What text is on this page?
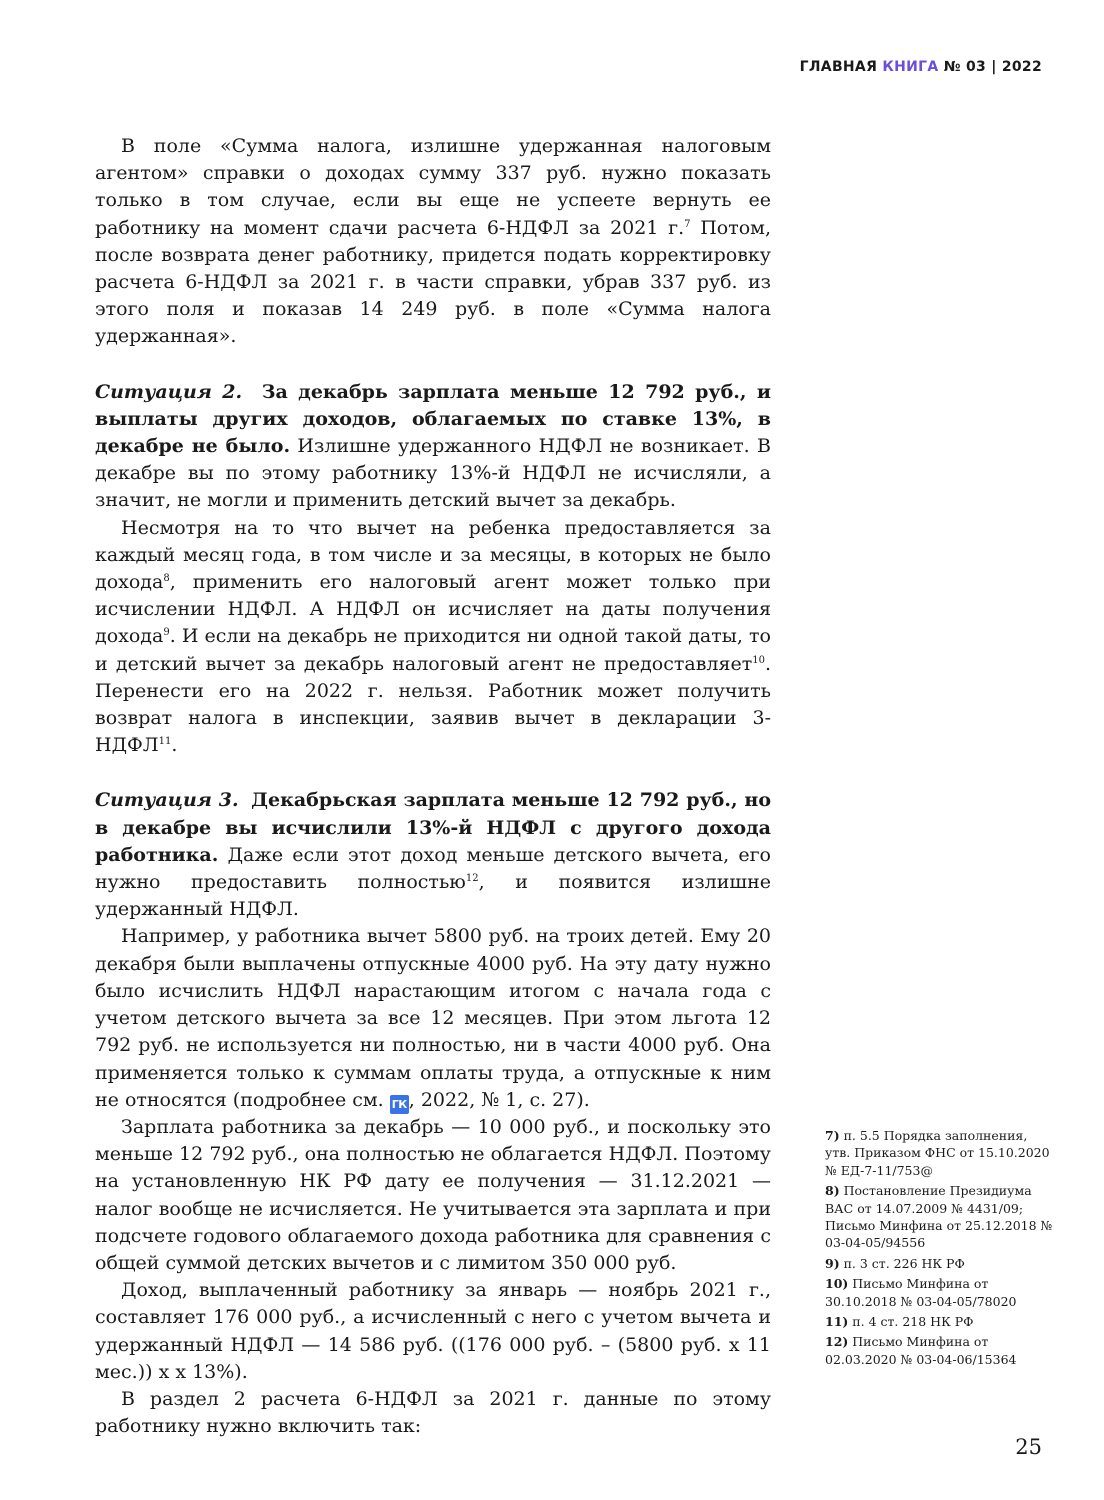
ГЛАВНАЯ КНИГА № 03 | 2022

В поле «Сумма налога, излишне удержанная налоговым агентом» справки о доходах сумму 337 руб. нужно показать только в том случае, если вы еще не успеете вернуть ее работнику на момент сдачи расчета 6-НДФЛ за 2021 г.$^7$ Потом, после возврата денег работнику, придется подать корректировку расчета 6-НДФЛ за 2021 г. в части справки, убрав 337 руб. из этого поля и показав 14 249 руб. в поле «Сумма налога удержанная».

Ситуация 2. За декабрь зарплата меньше 12 792 руб., и выплаты других доходов, облагаемых по ставке 13%, в декабре не было. Излишне удержанного НДФЛ не возникает. В декабре вы по этому работнику 13%-й НДФЛ не исчисляли, а значит, не могли и применить детский вычет за декабрь.

Несмотря на то что вычет на ребенка предоставляется за каждый месяц года, в том числе и за месяцы, в которых не было дохода$^8$, применить его налоговый агент может только при исчислении НДФЛ. А НДФЛ он исчисляет на даты получения дохода$^9$. И если на декабрь не приходится ни одной такой даты, то и детский вычет за декабрь налоговый агент не предоставляет$^{10}$. Перенести его на 2022 г. нельзя. Работник может получить возврат налога в инспекции, заявив вычет в декларации 3-НДФЛ$^{11}$.

Ситуация 3. Декабрьская зарплата меньше 12 792 руб., но в декабре вы исчислили 13%-й НДФЛ с другого дохода работника. Даже если этот доход меньше детского вычета, его нужно предоставить полностью$^{12}$, и появится излишне удержанный НДФЛ.

Например, у работника вычет 5800 руб. на троих детей. Ему 20 декабря были выплачены отпускные 4000 руб. На эту дату нужно было исчислить НДФЛ нарастающим итогом с начала года с учетом детского вычета за все 12 месяцев. При этом льгота 12 792 руб. не используется ни полностью, ни в части 4000 руб. Она применяется только к суммам оплаты труда, а отпускные к ним не относятся (подробнее см. ГК , 2022, № 1, с. 27).

Зарплата работника за декабрь — 10 000 руб., и поскольку это меньше 12 792 руб., она полностью не облагается НДФЛ. Поэтому на установленную НК РФ дату ее получения — 31.12.2021 — налог вообще не исчисляется. Не учитывается эта зарплата и при подсчете годового облагаемого дохода работника для сравнения с общей суммой детских вычетов и с лимитом 350 000 руб.

Доход, выплаченный работнику за январь — ноябрь 2021 г., составляет 176 000 руб., а исчисленный с него с учетом вычета и удержанный НДФЛ — 14 586 руб. ((176 000 руб. – (5800 руб. х 11 мес.)) х х 13%).

В раздел 2 расчета 6-НДФЛ за 2021 г. данные по этому работнику нужно включить так:

7) п. 5.5 Порядка заполнения, утв. Приказом ФНС от 15.10.2020 № ЕД-7-11/753@
8) Постановление Президиума ВАС от 14.07.2009 № 4431/09; Письмо Минфина от 25.12.2018 № 03-04-05/94556
9) п. 3 ст. 226 НК РФ
10) Письмо Минфина от 30.10.2018 № 03-04-05/78020
11) п. 4 ст. 218 НК РФ
12) Письмо Минфина от 02.03.2020 № 03-04-06/15364
25
